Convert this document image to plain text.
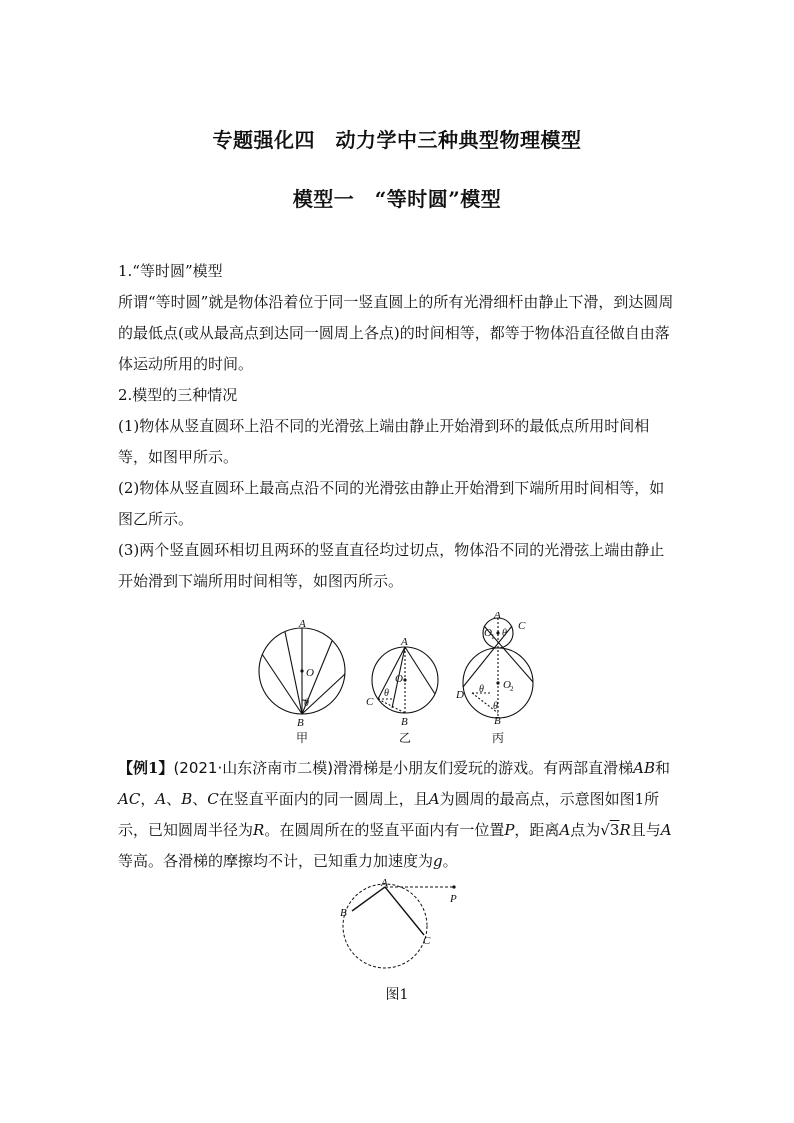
专题强化四　动力学中三种典型物理模型
模型一　“等时圆”模型

1.“等时圆”模型

所谓“等时圆”就是物体沿着位于同一竖直圆上的所有光滑细杆由静止下滑，到达圆周的最低点(或从最高点到达同一圆周上各点)的时间相等，都等于物体沿直径做自由落体运动所用的时间。

2.模型的三种情况

(1)物体从竖直圆环上沿不同的光滑弦上端由静止开始滑到环的最低点所用时间相等，如图甲所示。

(2)物体从竖直圆环上最高点沿不同的光滑弦由静止开始滑到下端所用时间相等，如图乙所示。

(3)两个竖直圆环相切且两环的竖直直径均过切点，物体沿不同的光滑弦上端由静止开始滑到下端所用时间相等，如图丙所示。

A
O
θ
B
A
O
θ
C
B
A
O 1 θ
C
O 2
θ
D
θ
B
甲	乙	丙

【例1】(2021·山东济南市二模)滑滑梯是小朋友们爱玩的游戏。有两部直滑梯AB和AC，A、B、C在竖直平面内的同一圆周上，且A为圆周的最高点，示意图如图1所示，已知圆周半径为R。在圆周所在的竖直平面内有一位置P，距离A点为√3R且与A等高。各滑梯的摩擦均不计，已知重力加速度为g。

A
B
C
P
图1
